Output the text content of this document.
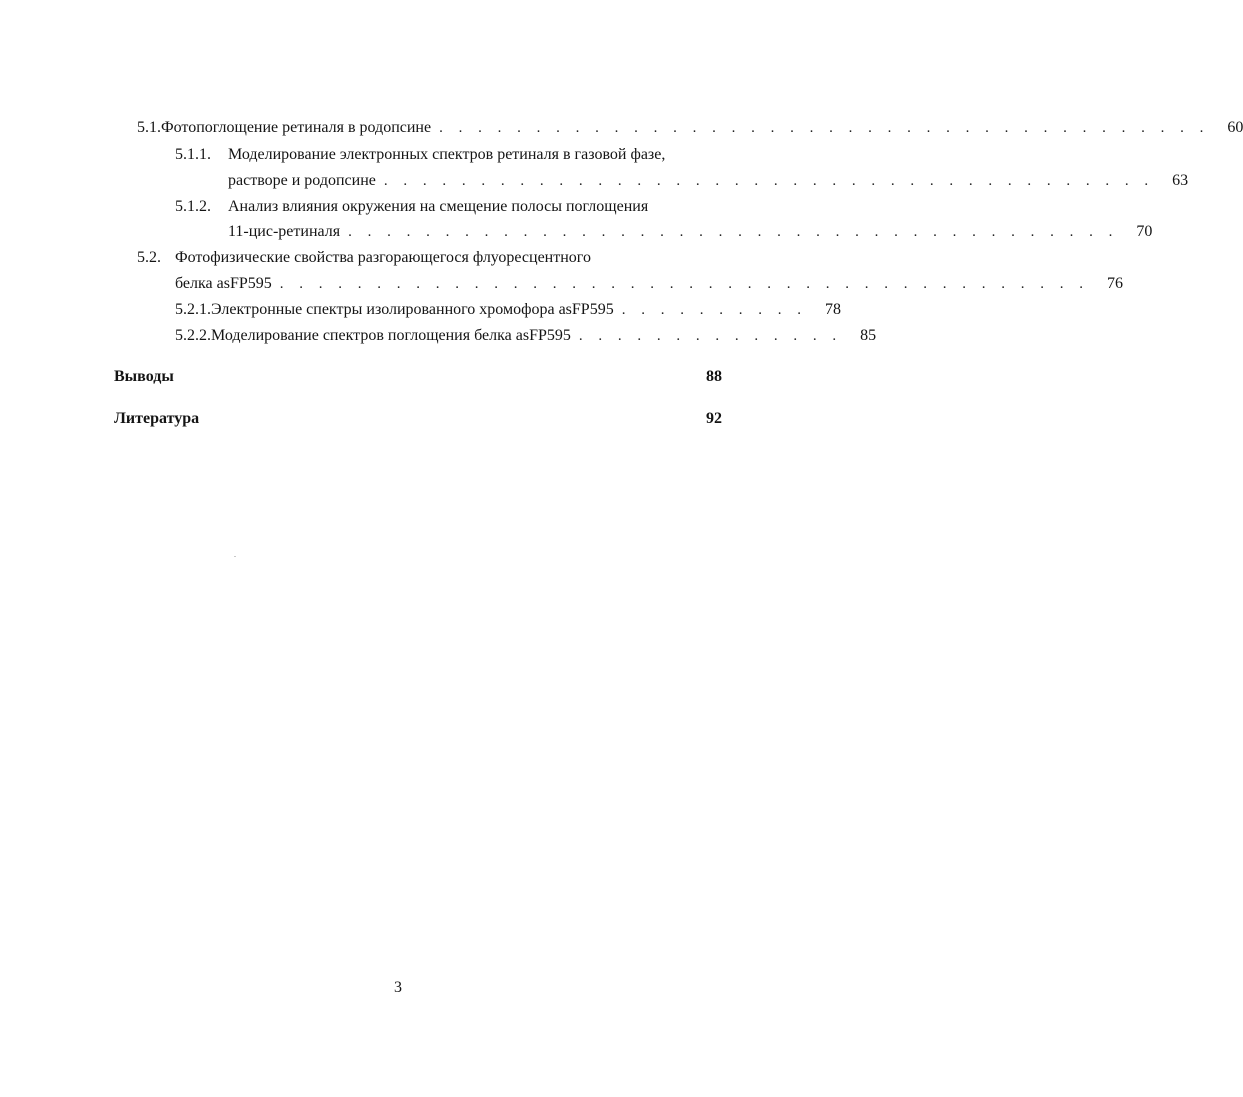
5.1. Фотопоглощение ретиналя в родопсине . . . . . . . . . . . . . . . . . . . . . . . . . . . . . . . . . . . . . . . .	60
5.1.1.	Моделирование электронных спектров ретиналя в газовой фазе,
растворе и родопсине . . . . . . . . . . . . . . . . . . . . . . . . . . . . . . . . . . . . . . . .	63
5.1.2.	Анализ влияния окружения на смещение полосы поглощения
11-цис-ретиналя . . . . . . . . . . . . . . . . . . . . . . . . . . . . . . . . . . . . . . . .	70
5.2. Фотофизические свойства разгорающегося флуоресцентного
белка asFP595 . . . . . . . . . . . . . . . . . . . . . . . . . . . . . . . . . . . . . . . . . .	76
5.2.1. Электронные спектры изолированного хромофора asFP595 . . . . . . . . . .	78
5.2.2. Моделирование спектров поглощения белка asFP595 . . . . . . . . . . . . . .	85
Выводы	88
Литература	92
3
